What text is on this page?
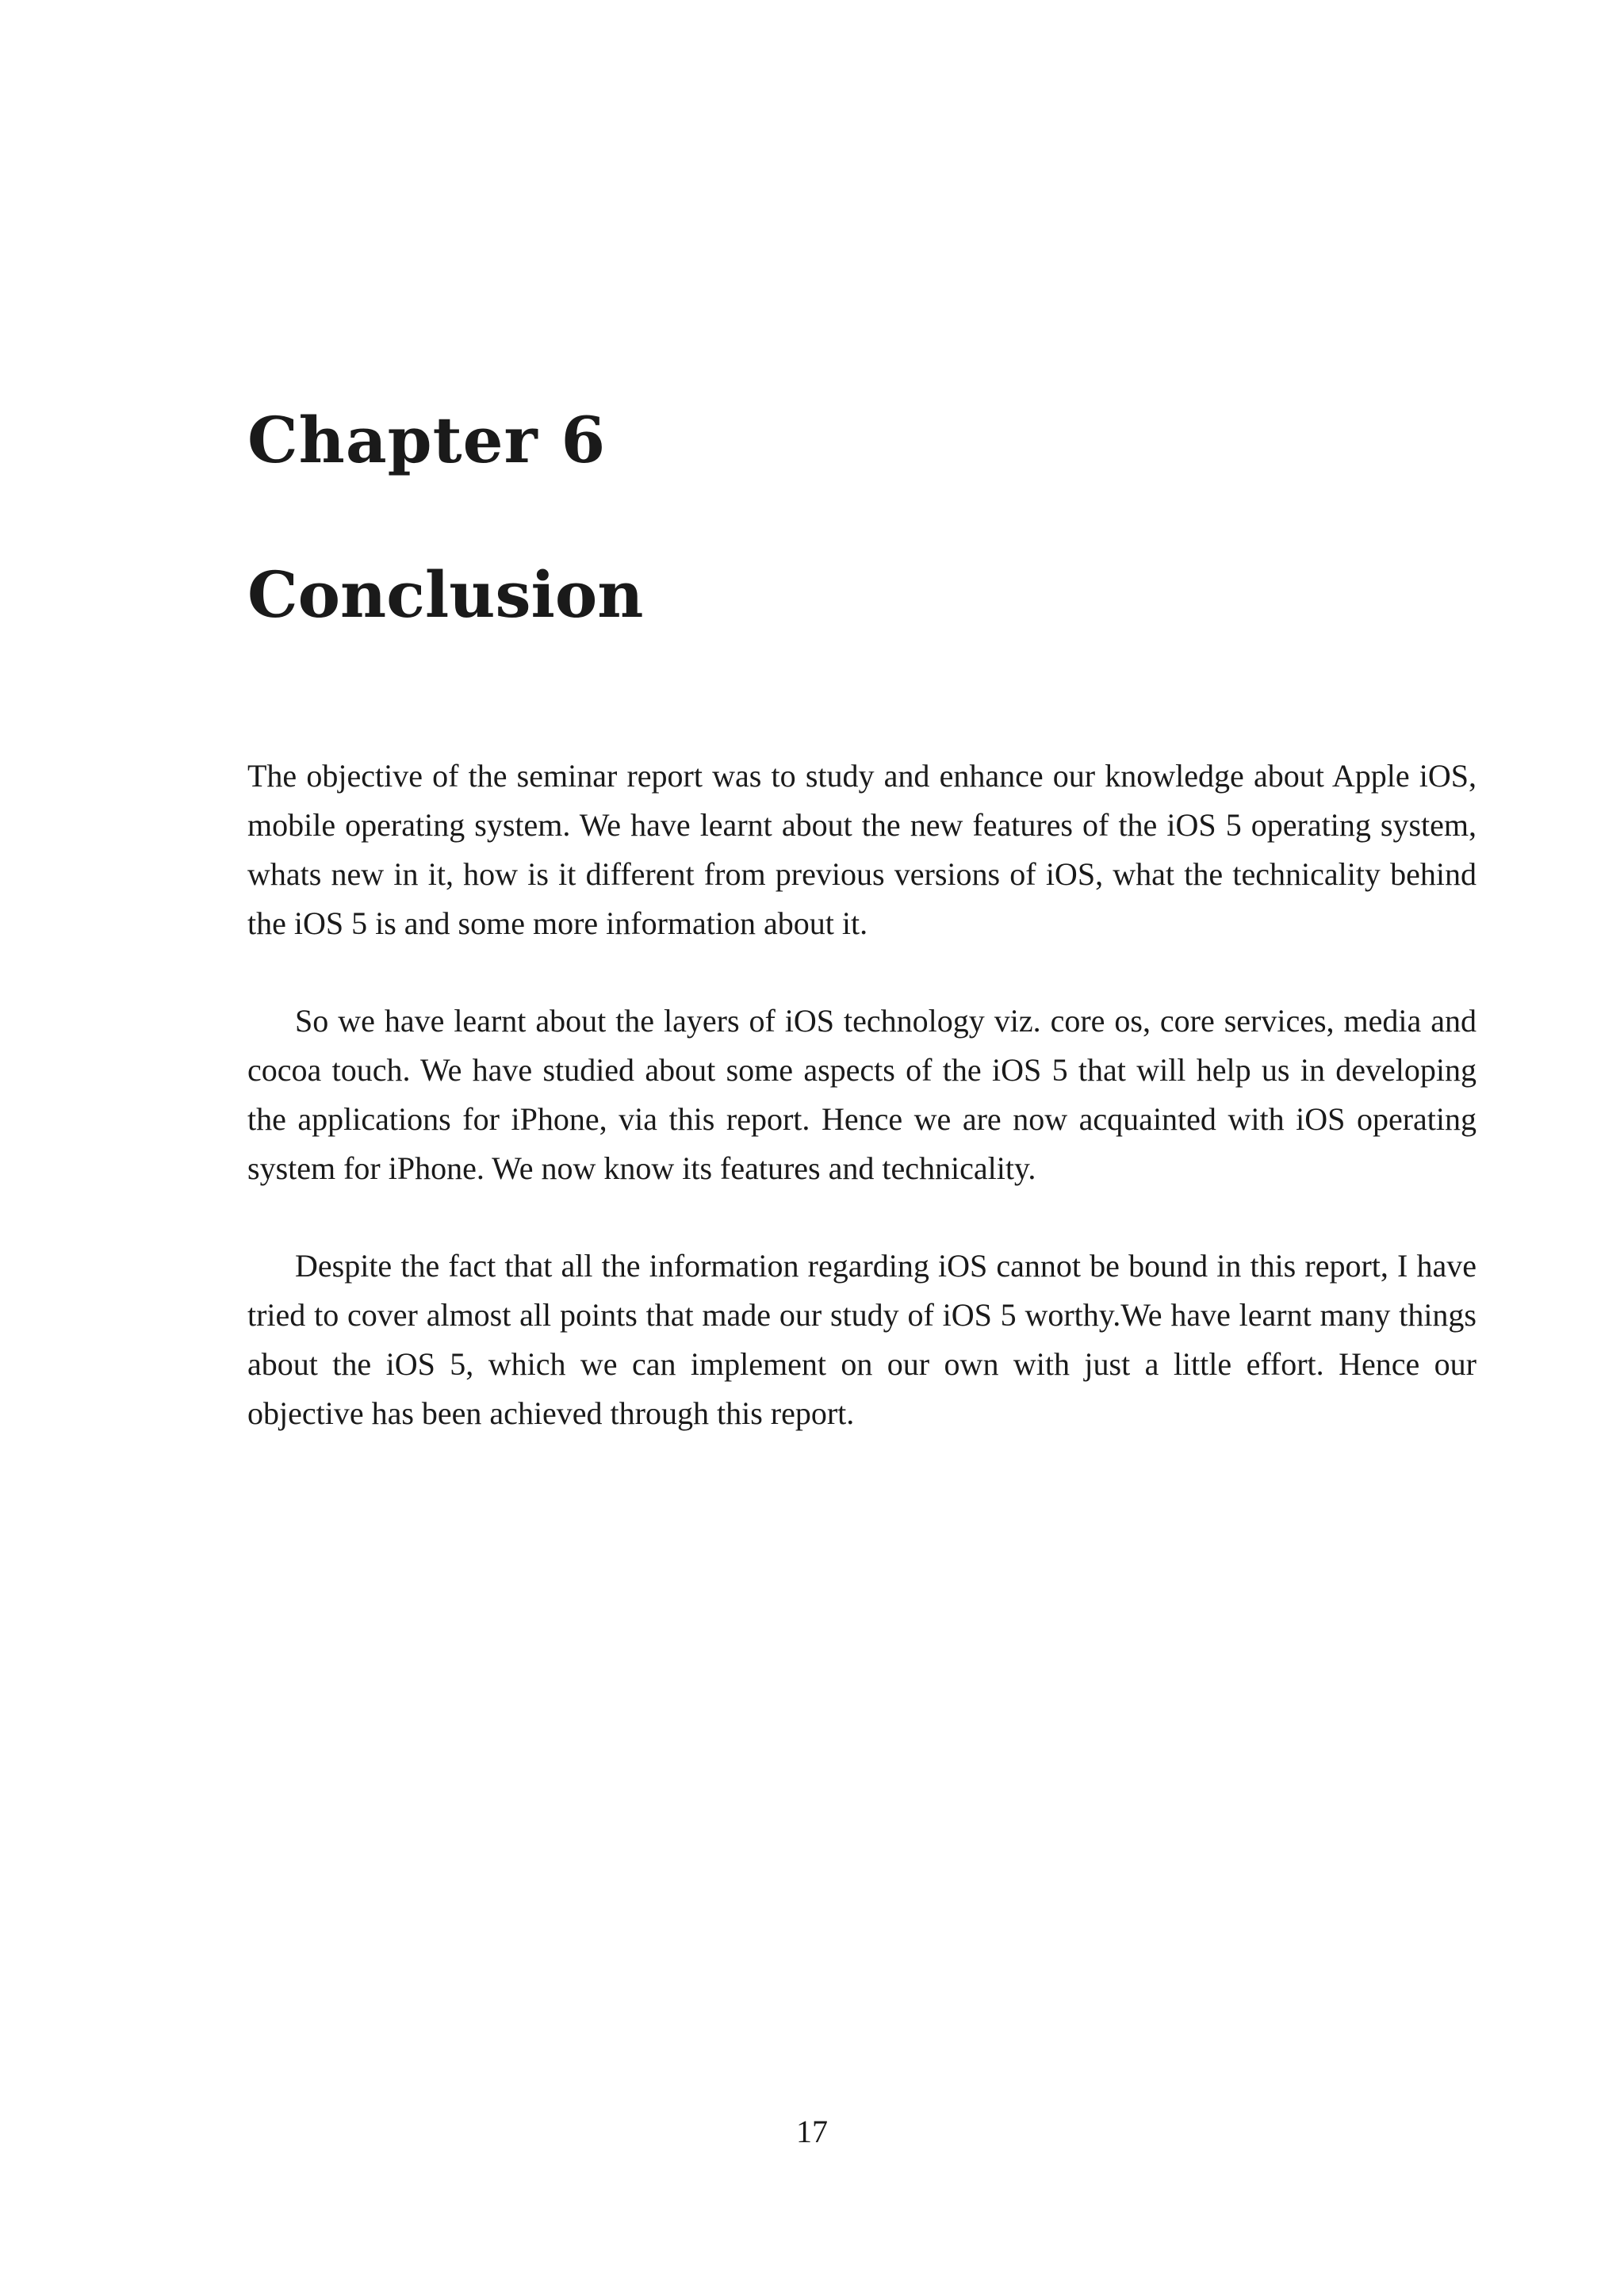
Chapter 6
Conclusion

The objective of the seminar report was to study and enhance our knowledge about Apple iOS, mobile operating system. We have learnt about the new features of the iOS 5 operating system, whats new in it, how is it different from previous versions of iOS, what the technicality behind the iOS 5 is and some more information about it.

So we have learnt about the layers of iOS technology viz. core os, core services, media and cocoa touch. We have studied about some aspects of the iOS 5 that will help us in developing the applications for iPhone, via this report. Hence we are now acquainted with iOS operating system for iPhone. We now know its features and technicality.

Despite the fact that all the information regarding iOS cannot be bound in this report, I have tried to cover almost all points that made our study of iOS 5 worthy.We have learnt many things about the iOS 5, which we can implement on our own with just a little effort. Hence our objective has been achieved through this report.

17
